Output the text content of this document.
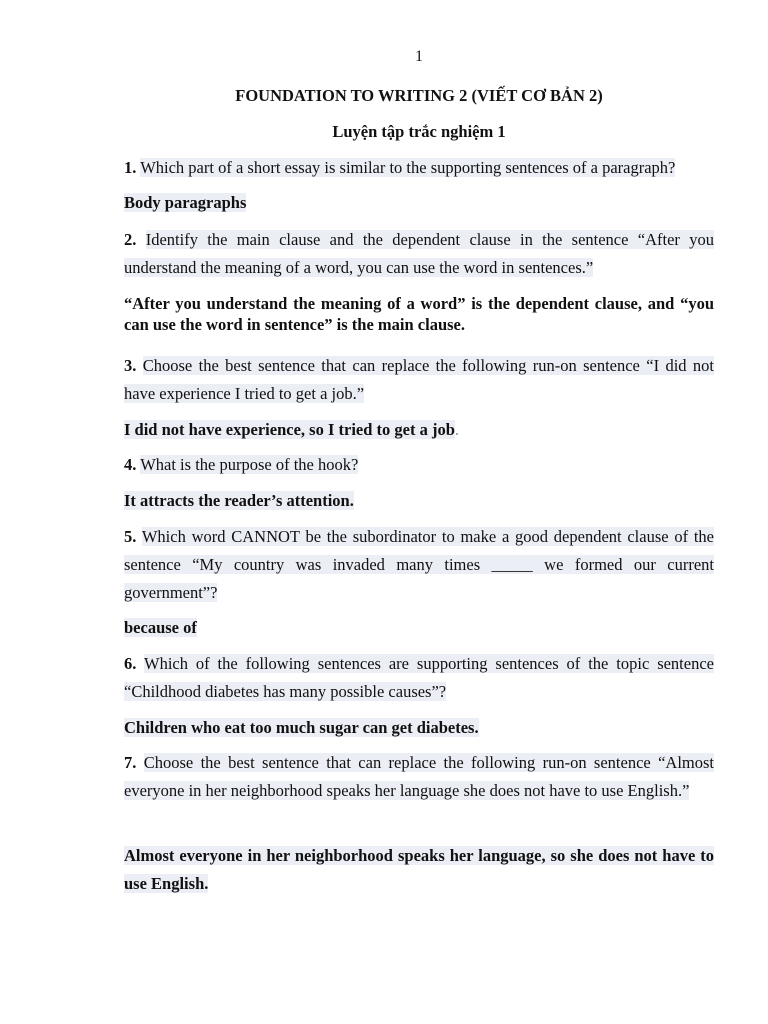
1
FOUNDATION TO WRITING 2 (VIẾT CƠ BẢN 2)
Luyện tập trắc nghiệm 1

1. Which part of a short essay is similar to the supporting sentences of a paragraph?

Body paragraphs

2. Identify the main clause and the dependent clause in the sentence “After you understand the meaning of a word, you can use the word in sentences.”

“After you understand the meaning of a word” is the dependent clause, and “you can use the word in sentence” is the main clause.

3. Choose the best sentence that can replace the following run-on sentence “I did not have experience I tried to get a job.”

I did not have experience, so I tried to get a job.

4. What is the purpose of the hook?

It attracts the reader’s attention.

5. Which word CANNOT be the subordinator to make a good dependent clause of the sentence “My country was invaded many times _____ we formed our current government”?

because of

6. Which of the following sentences are supporting sentences of the topic sentence “Childhood diabetes has many possible causes”?

Children who eat too much sugar can get diabetes.

7. Choose the best sentence that can replace the following run-on sentence “Almost everyone in her neighborhood speaks her language she does not have to use English.”

Almost everyone in her neighborhood speaks her language, so she does not have to use English.
